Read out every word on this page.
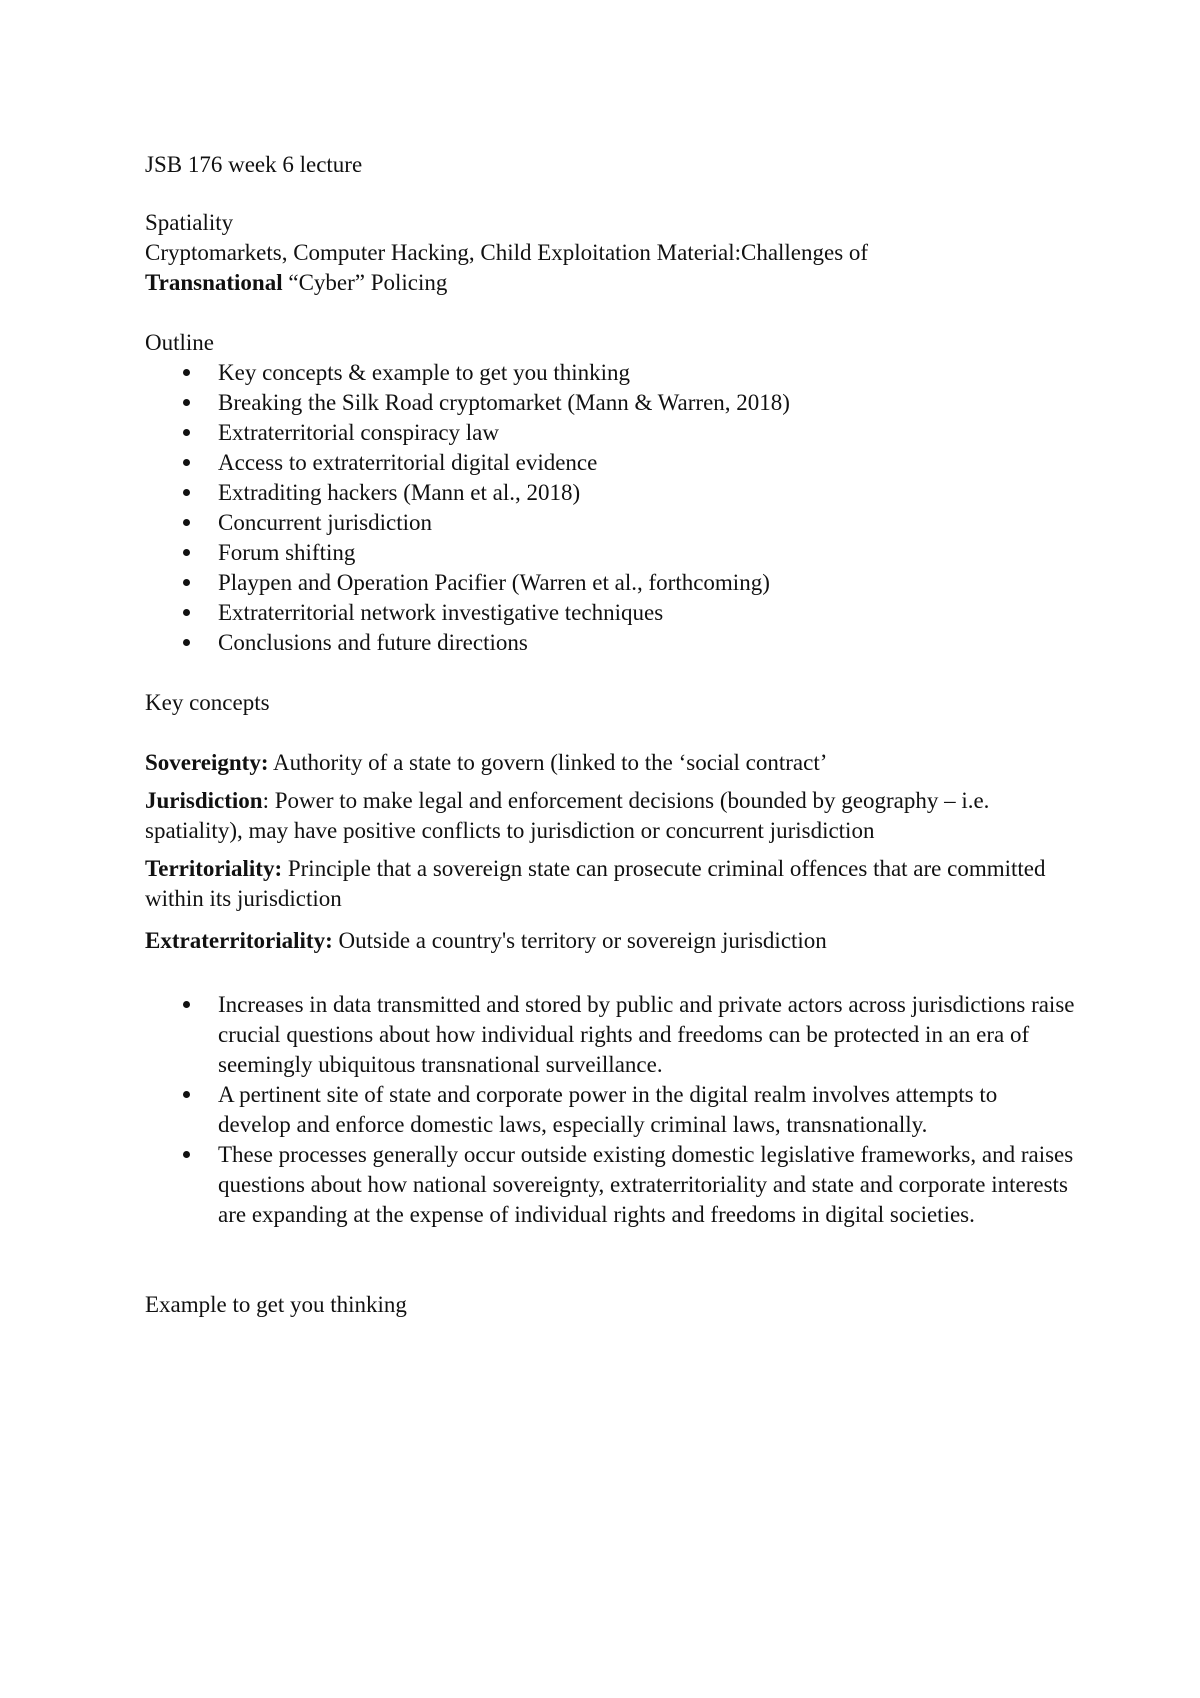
JSB 176 week 6 lecture

Spatiality

Cryptomarkets, Computer Hacking, Child Exploitation Material:Challenges of
Transnational “Cyber” Policing

Outline

Key concepts & example to get you thinking
Breaking the Silk Road cryptomarket (Mann & Warren, 2018)
Extraterritorial conspiracy law
Access to extraterritorial digital evidence
Extraditing hackers (Mann et al., 2018)
Concurrent jurisdiction
Forum shifting
Playpen and Operation Pacifier (Warren et al., forthcoming)
Extraterritorial network investigative techniques
Conclusions and future directions

Key concepts

Sovereignty: Authority of a state to govern (linked to the ‘social contract’

Jurisdiction: Power to make legal and enforcement decisions (bounded by geography – i.e. spatiality), may have positive conflicts to jurisdiction or concurrent jurisdiction

Territoriality: Principle that a sovereign state can prosecute criminal offences that are committed within its jurisdiction

Extraterritoriality: Outside a country's territory or sovereign jurisdiction

Increases in data transmitted and stored by public and private actors across jurisdictions raise crucial questions about how individual rights and freedoms can be protected in an era of seemingly ubiquitous transnational surveillance.
A pertinent site of state and corporate power in the digital realm involves attempts to develop and enforce domestic laws, especially criminal laws, transnationally.
These processes generally occur outside existing domestic legislative frameworks, and raises questions about how national sovereignty, extraterritoriality and state and corporate interests are expanding at the expense of individual rights and freedoms in digital societies.

Example to get you thinking
